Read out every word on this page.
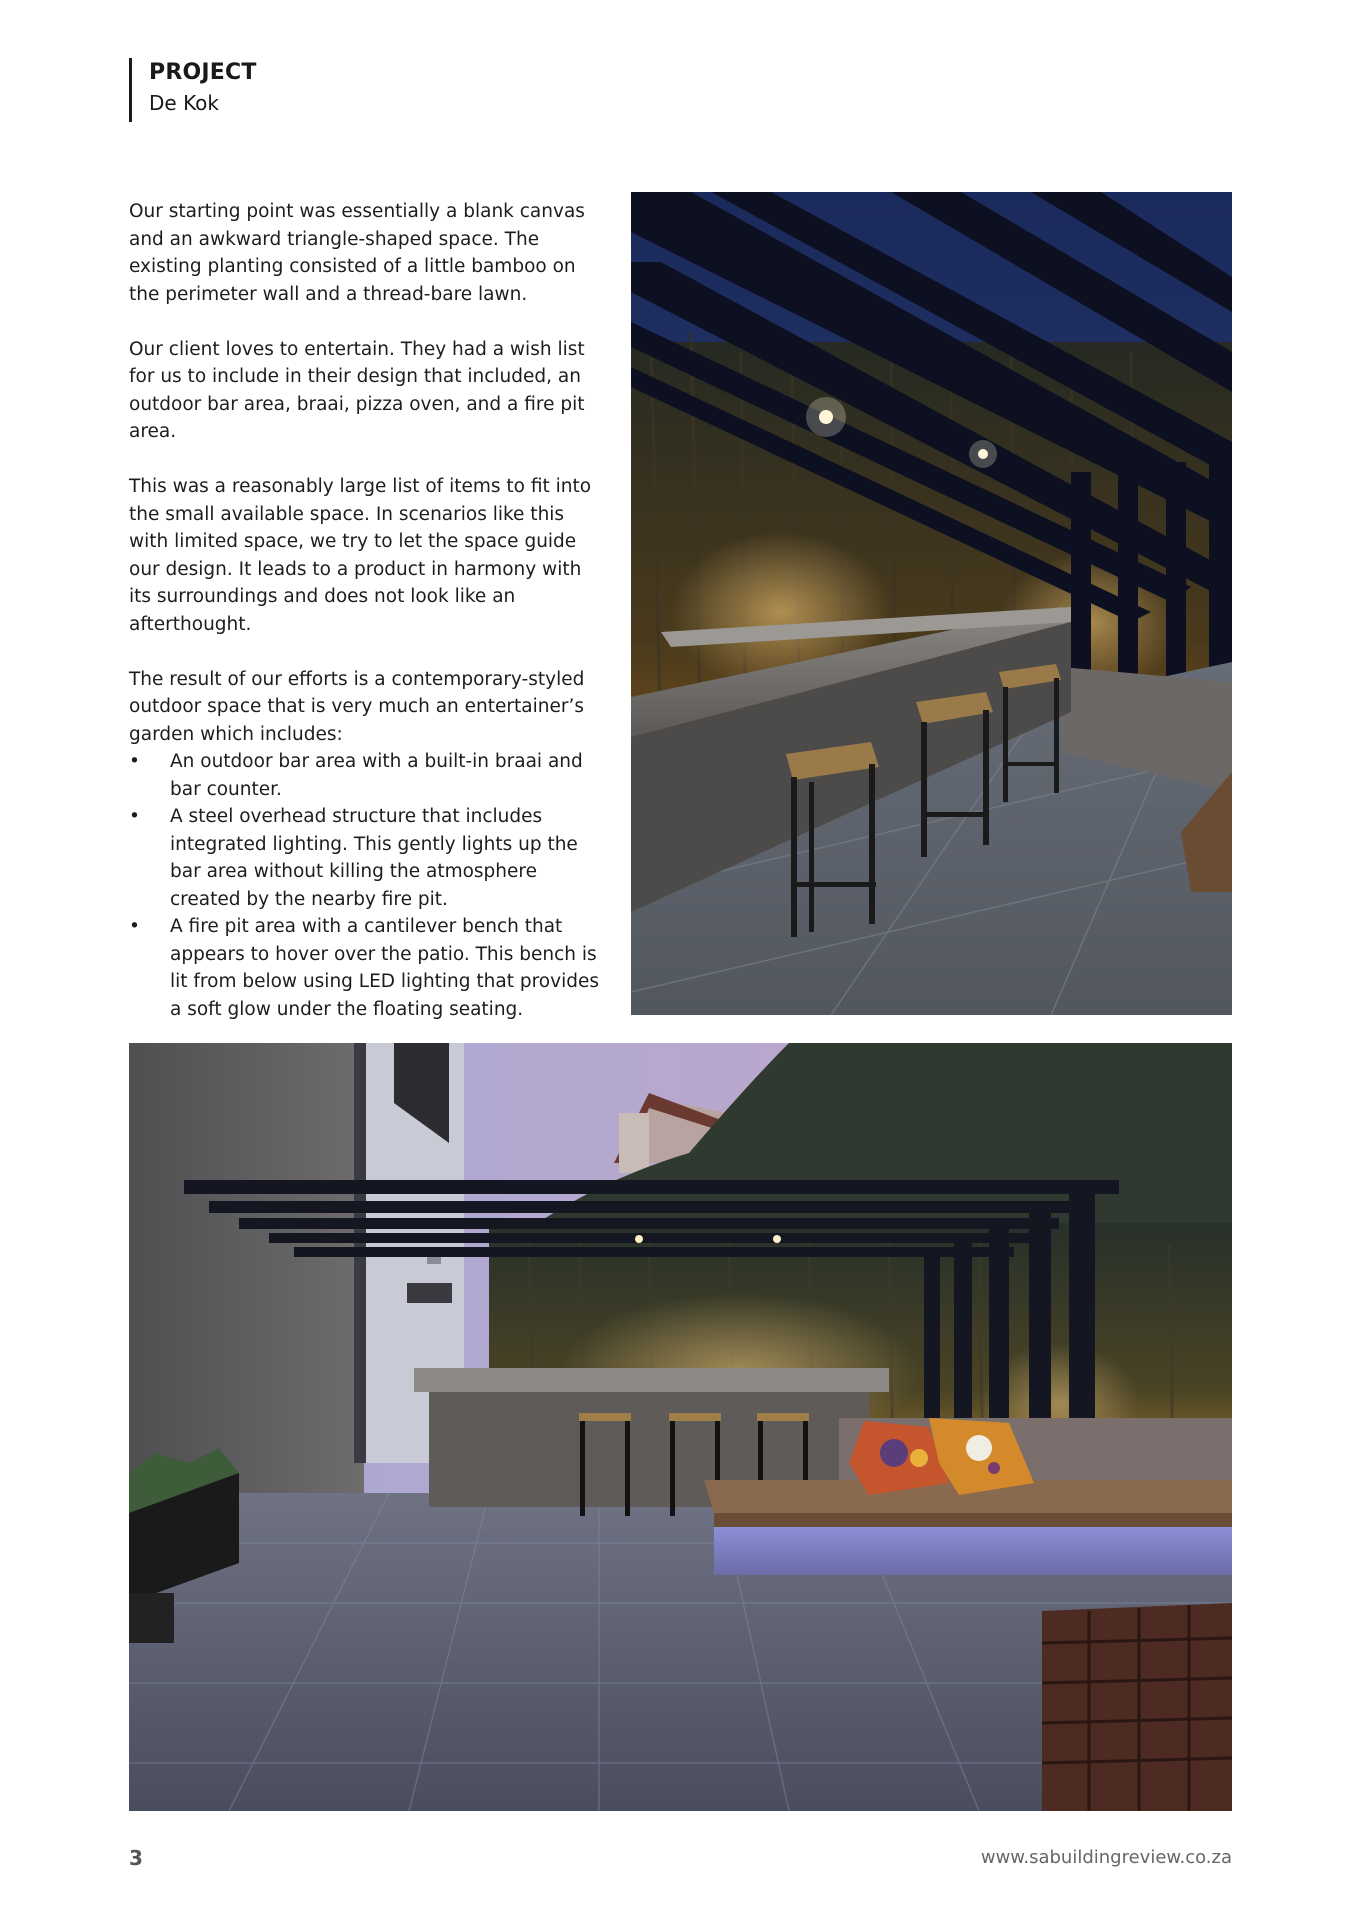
PROJECT
De Kok

Our starting point was essentially a blank canvas and an awkward triangle-shaped space. The existing planting consisted of a little bamboo on the perimeter wall and a thread-bare lawn.

Our client loves to entertain. They had a wish list for us to include in their design that included, an outdoor bar area, braai, pizza oven, and a fire pit area.

This was a reasonably large list of items to fit into the small available space. In scenarios like this with limited space, we try to let the space guide our design. It leads to a product in harmony with its surroundings and does not look like an afterthought.

The result of our efforts is a contemporary-styled outdoor space that is very much an entertainer’s garden which includes:

• An outdoor bar area with a built-in braai and bar counter.
• A steel overhead structure that includes integrated lighting. This gently lights up the bar area without killing the atmosphere created by the nearby fire pit.
• A fire pit area with a cantilever bench that appears to hover over the patio. This bench is lit from below using LED lighting that provides a soft glow under the floating seating.
3	www.sabuildingreview.co.za
